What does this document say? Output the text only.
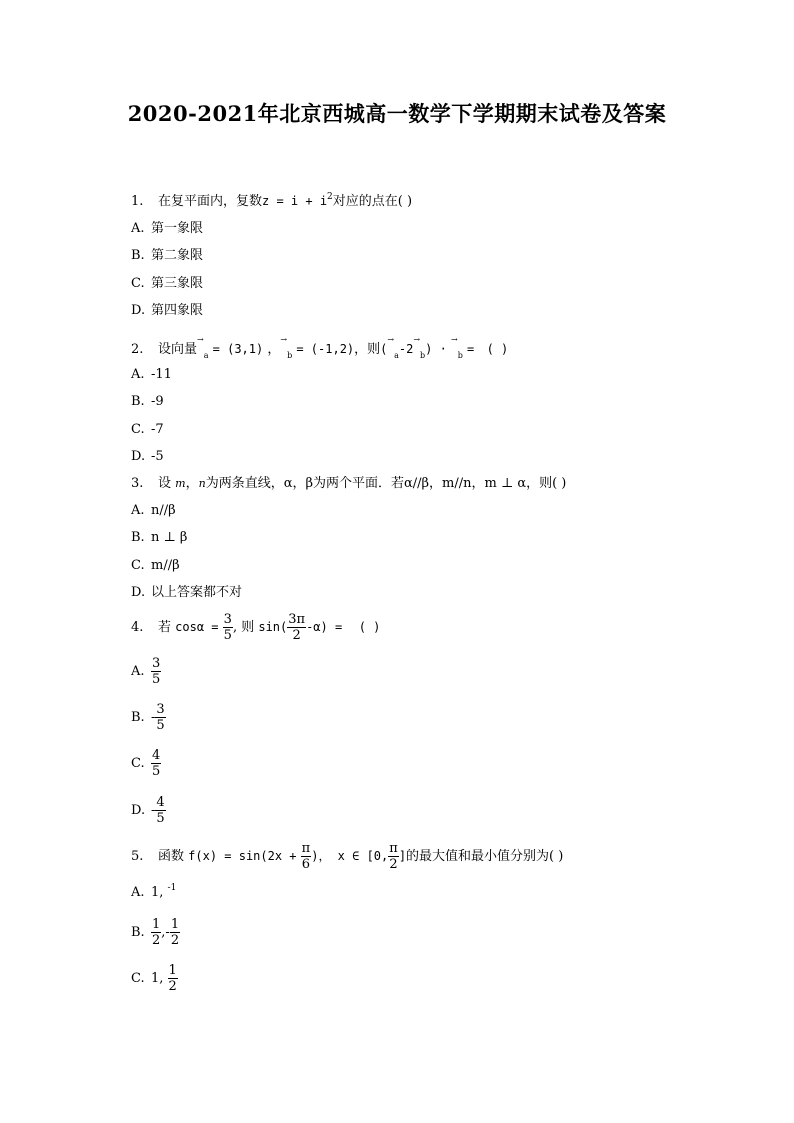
2020-2021年北京西城高一数学下学期期末试卷及答案
1. 在复平面内，复数$z = i + i^2$对应的点在( )
A. 第一象限
B. 第二象限
C. 第三象限
D. 第四象限
2. 设向量→$_a$ = (3,1) ，→$_b$ = (-1,2)，则$(^\to_a-2^\to_b) \cdot ^\to_b$ = ( )
A. -11
B. -9
C. -7
D. -5
3. 设 m，n为两条直线，α，β为两个平面．若α//β，m//n，m ⊥ α，则( )
A. n//β
B. n ⊥ β
C. m//β
D. 以上答案都不对
4. 若 $\cos\alpha = \frac{3}{5}$ , 则 $\sin( \frac{3\pi}{2} -\alpha)$ = ( )
A. $\frac{3}{5}$
B. - $\frac{3}{5}$
C. $\frac{4}{5}$
D. - $\frac{4}{5}$
5. 函数 $f(x) = \sin(2x + \frac{\pi}{6}$ )， x ∈ [0, $\frac{\pi}{2}$ ]的最大值和最小值分别为( )
A. 1, $^{-1}$
B. $\frac{1}{2}$ ,- $\frac{1}{2}$
C. 1, $\frac{1}{2}$
